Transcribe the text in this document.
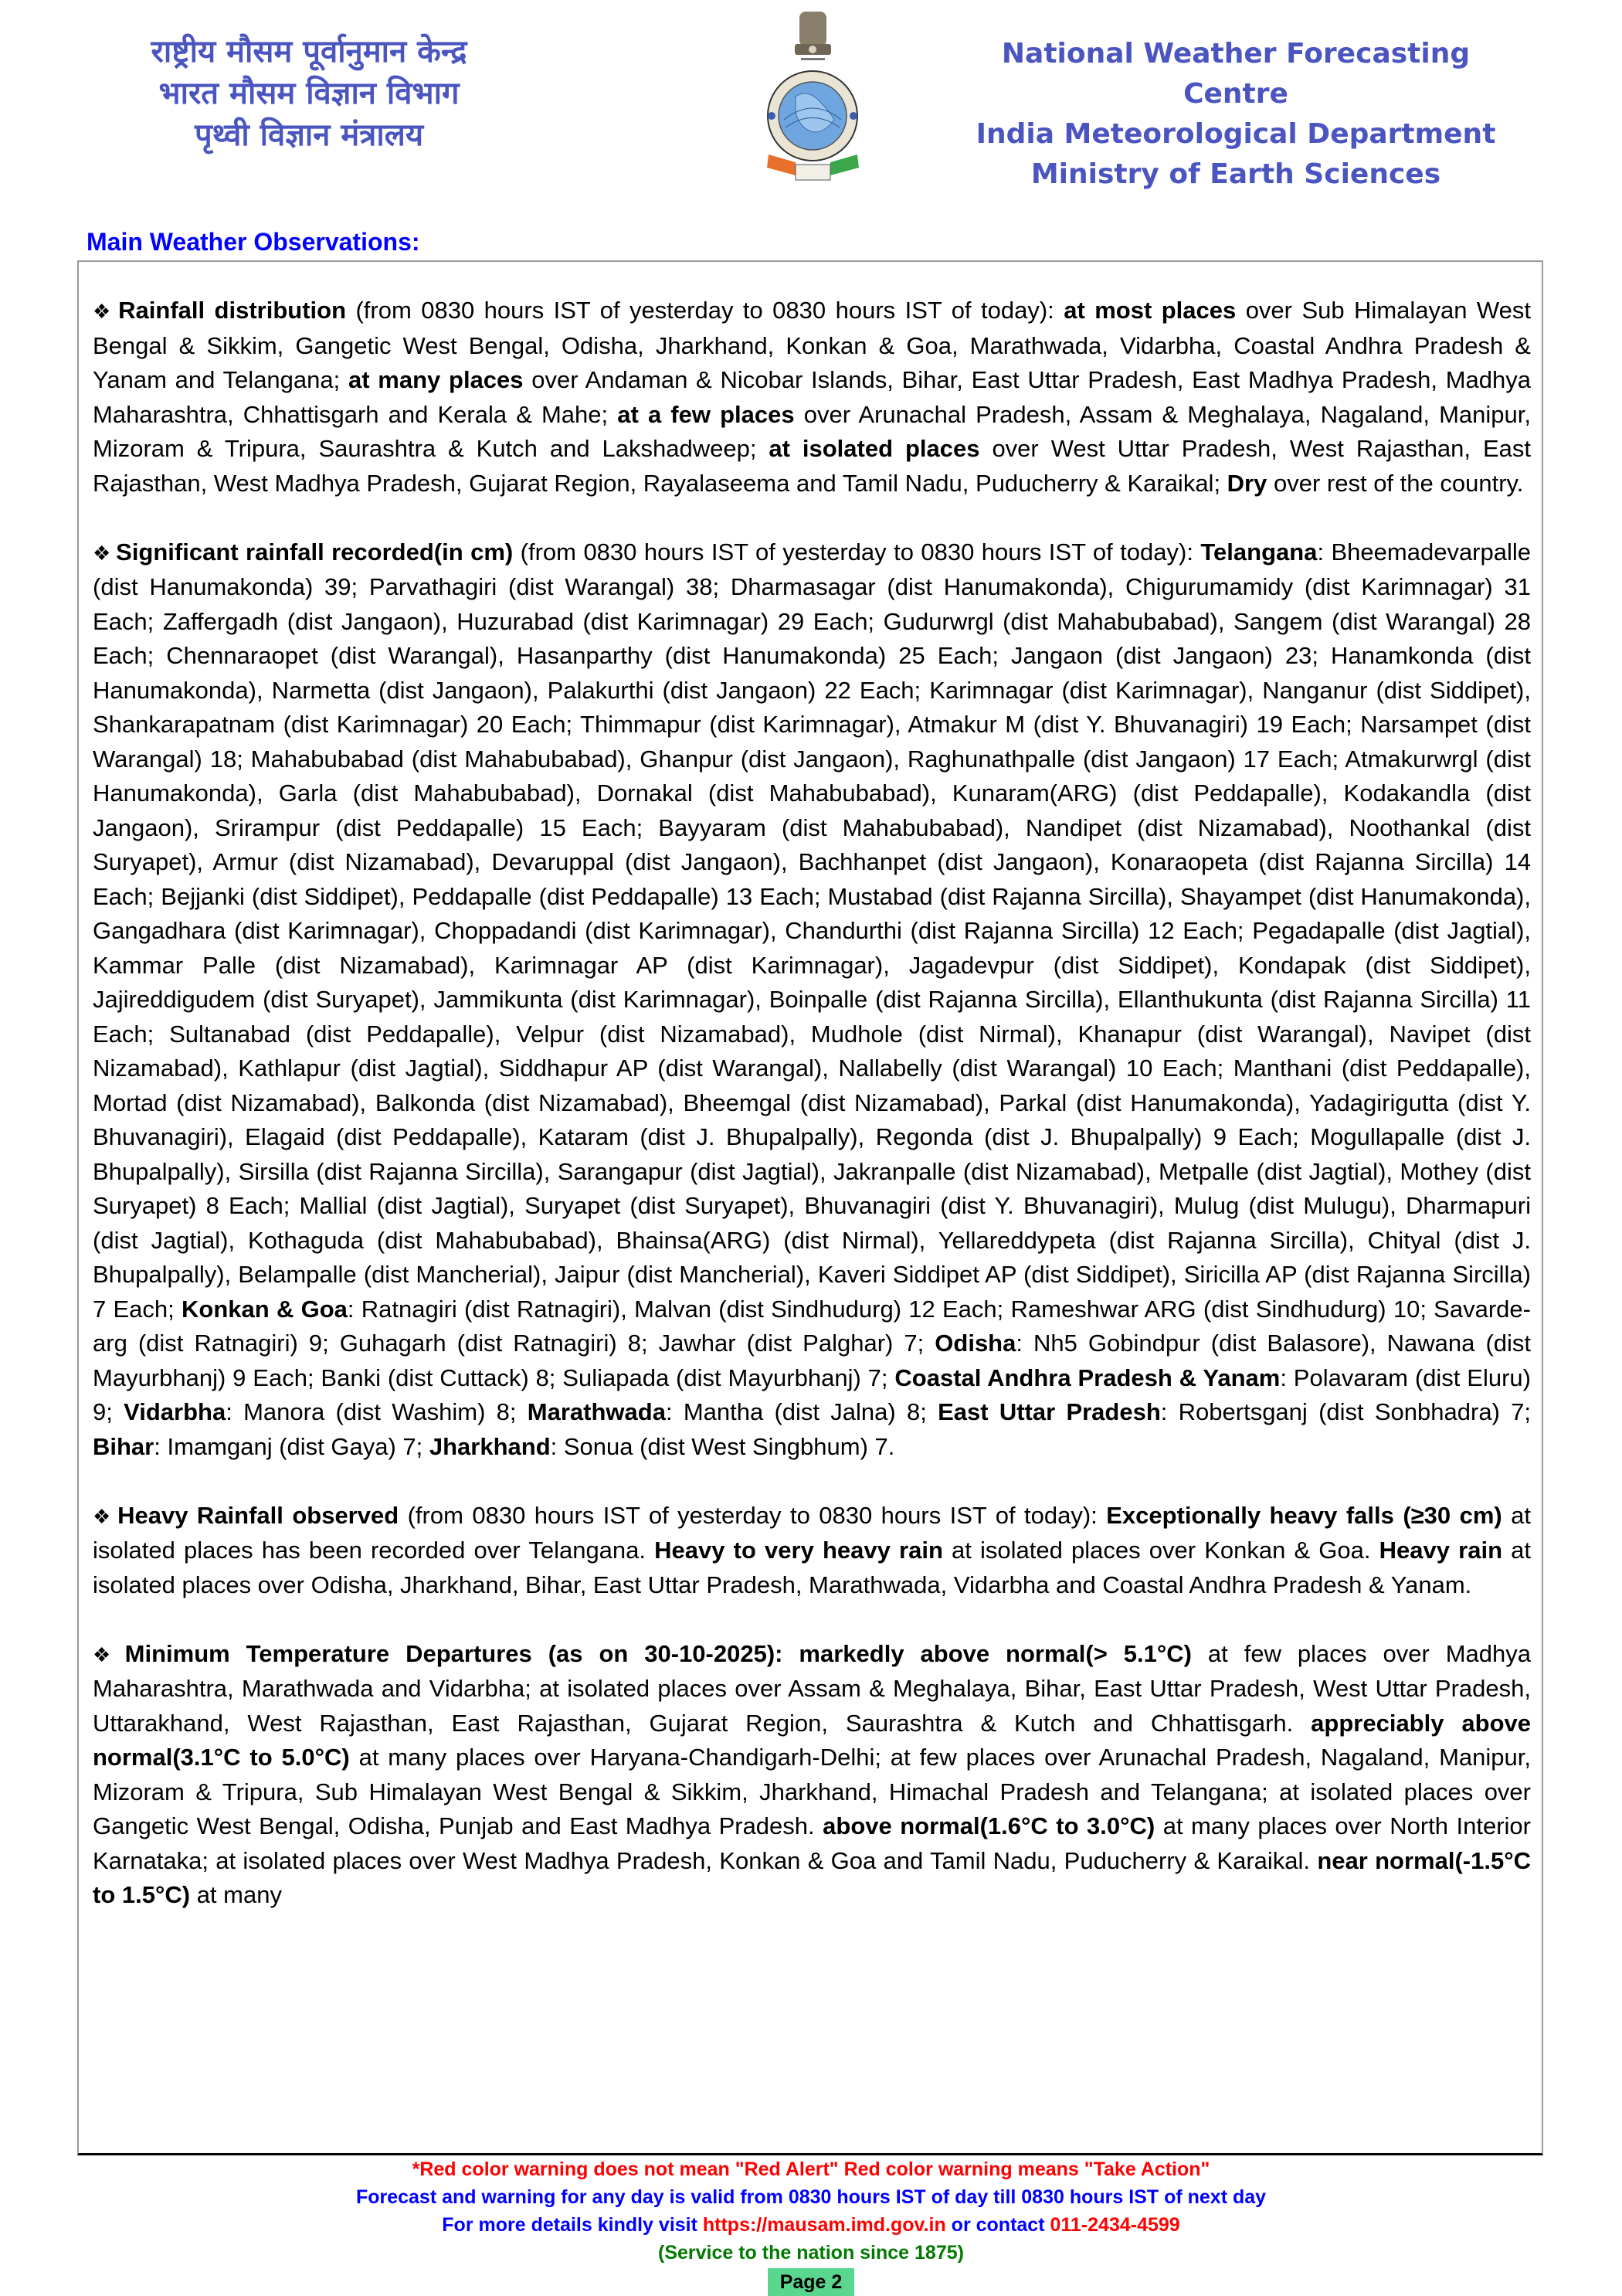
राष्ट्रीय मौसम पूर्वानुमान केन्द्र
भारत मौसम विज्ञान विभाग
पृथ्वी विज्ञान मंत्रालय
National Weather Forecasting Centre
India Meteorological Department
Ministry of Earth Sciences
Main Weather Observations:

❖ Rainfall distribution (from 0830 hours IST of yesterday to 0830 hours IST of today): at most places over Sub Himalayan West Bengal & Sikkim, Gangetic West Bengal, Odisha, Jharkhand, Konkan & Goa, Marathwada, Vidarbha, Coastal Andhra Pradesh & Yanam and Telangana; at many places over Andaman & Nicobar Islands, Bihar, East Uttar Pradesh, East Madhya Pradesh, Madhya Maharashtra, Chhattisgarh and Kerala & Mahe; at a few places over Arunachal Pradesh, Assam & Meghalaya, Nagaland, Manipur, Mizoram & Tripura, Saurashtra & Kutch and Lakshadweep; at isolated places over West Uttar Pradesh, West Rajasthan, East Rajasthan, West Madhya Pradesh, Gujarat Region, Rayalaseema and Tamil Nadu, Puducherry & Karaikal; Dry over rest of the country.

❖ Significant rainfall recorded(in cm) (from 0830 hours IST of yesterday to 0830 hours IST of today): Telangana: Bheemadevarpalle (dist Hanumakonda) 39; Parvathagiri (dist Warangal) 38; Dharmasagar (dist Hanumakonda), Chigurumamidy (dist Karimnagar) 31 Each; Zaffergadh (dist Jangaon), Huzurabad (dist Karimnagar) 29 Each; Gudurwrgl (dist Mahabubabad), Sangem (dist Warangal) 28 Each; Chennaraopet (dist Warangal), Hasanparthy (dist Hanumakonda) 25 Each; Jangaon (dist Jangaon) 23; Hanamkonda (dist Hanumakonda), Narmetta (dist Jangaon), Palakurthi (dist Jangaon) 22 Each; Karimnagar (dist Karimnagar), Nanganur (dist Siddipet), Shankarapatnam (dist Karimnagar) 20 Each; Thimmapur (dist Karimnagar), Atmakur M (dist Y. Bhuvanagiri) 19 Each; Narsampet (dist Warangal) 18; Mahabubabad (dist Mahabubabad), Ghanpur (dist Jangaon), Raghunathpalle (dist Jangaon) 17 Each; Atmakurwrgl (dist Hanumakonda), Garla (dist Mahabubabad), Dornakal (dist Mahabubabad), Kunaram(ARG) (dist Peddapalle), Kodakandla (dist Jangaon), Srirampur (dist Peddapalle) 15 Each; Bayyaram (dist Mahabubabad), Nandipet (dist Nizamabad), Noothankal (dist Suryapet), Armur (dist Nizamabad), Devaruppal (dist Jangaon), Bachhanpet (dist Jangaon), Konaraopeta (dist Rajanna Sircilla) 14 Each; Bejjanki (dist Siddipet), Peddapalle (dist Peddapalle) 13 Each; Mustabad (dist Rajanna Sircilla), Shayampet (dist Hanumakonda), Gangadhara (dist Karimnagar), Choppadandi (dist Karimnagar), Chandurthi (dist Rajanna Sircilla) 12 Each; Pegadapalle (dist Jagtial), Kammar Palle (dist Nizamabad), Karimnagar AP (dist Karimnagar), Jagadevpur (dist Siddipet), Kondapak (dist Siddipet), Jajireddigudem (dist Suryapet), Jammikunta (dist Karimnagar), Boinpalle (dist Rajanna Sircilla), Ellanthukunta (dist Rajanna Sircilla) 11 Each; Sultanabad (dist Peddapalle), Velpur (dist Nizamabad), Mudhole (dist Nirmal), Khanapur (dist Warangal), Navipet (dist Nizamabad), Kathlapur (dist Jagtial), Siddhapur AP (dist Warangal), Nallabelly (dist Warangal) 10 Each; Manthani (dist Peddapalle), Mortad (dist Nizamabad), Balkonda (dist Nizamabad), Bheemgal (dist Nizamabad), Parkal (dist Hanumakonda), Yadagirigutta (dist Y. Bhuvanagiri), Elagaid (dist Peddapalle), Kataram (dist J. Bhupalpally), Regonda (dist J. Bhupalpally) 9 Each; Mogullapalle (dist J. Bhupalpally), Sirsilla (dist Rajanna Sircilla), Sarangapur (dist Jagtial), Jakranpalle (dist Nizamabad), Metpalle (dist Jagtial), Mothey (dist Suryapet) 8 Each; Mallial (dist Jagtial), Suryapet (dist Suryapet), Bhuvanagiri (dist Y. Bhuvanagiri), Mulug (dist Mulugu), Dharmapuri (dist Jagtial), Kothaguda (dist Mahabubabad), Bhainsa(ARG) (dist Nirmal), Yellareddypeta (dist Rajanna Sircilla), Chityal (dist J. Bhupalpally), Belampalle (dist Mancherial), Jaipur (dist Mancherial), Kaveri Siddipet AP (dist Siddipet), Siricilla AP (dist Rajanna Sircilla) 7 Each; Konkan & Goa: Ratnagiri (dist Ratnagiri), Malvan (dist Sindhudurg) 12 Each; Rameshwar ARG (dist Sindhudurg) 10; Savarde-arg (dist Ratnagiri) 9; Guhagarh (dist Ratnagiri) 8; Jawhar (dist Palghar) 7; Odisha: Nh5 Gobindpur (dist Balasore), Nawana (dist Mayurbhanj) 9 Each; Banki (dist Cuttack) 8; Suliapada (dist Mayurbhanj) 7; Coastal Andhra Pradesh & Yanam: Polavaram (dist Eluru) 9; Vidarbha: Manora (dist Washim) 8; Marathwada: Mantha (dist Jalna) 8; East Uttar Pradesh: Robertsganj (dist Sonbhadra) 7; Bihar: Imamganj (dist Gaya) 7; Jharkhand: Sonua (dist West Singbhum) 7.

❖ Heavy Rainfall observed (from 0830 hours IST of yesterday to 0830 hours IST of today): Exceptionally heavy falls (≥30 cm) at isolated places has been recorded over Telangana. Heavy to very heavy rain at isolated places over Konkan & Goa. Heavy rain at isolated places over Odisha, Jharkhand, Bihar, East Uttar Pradesh, Marathwada, Vidarbha and Coastal Andhra Pradesh & Yanam.

❖ Minimum Temperature Departures (as on 30-10-2025): markedly above normal(> 5.1°C) at few places over Madhya Maharashtra, Marathwada and Vidarbha; at isolated places over Assam & Meghalaya, Bihar, East Uttar Pradesh, West Uttar Pradesh, Uttarakhand, West Rajasthan, East Rajasthan, Gujarat Region, Saurashtra & Kutch and Chhattisgarh. appreciably above normal(3.1°C to 5.0°C) at many places over Haryana-Chandigarh-Delhi; at few places over Arunachal Pradesh, Nagaland, Manipur, Mizoram & Tripura, Sub Himalayan West Bengal & Sikkim, Jharkhand, Himachal Pradesh and Telangana; at isolated places over Gangetic West Bengal, Odisha, Punjab and East Madhya Pradesh. above normal(1.6°C to 3.0°C) at many places over North Interior Karnataka; at isolated places over West Madhya Pradesh, Konkan & Goa and Tamil Nadu, Puducherry & Karaikal. near normal(-1.5°C to 1.5°C) at many

*Red color warning does not mean "Red Alert" Red color warning means "Take Action"
Forecast and warning for any day is valid from 0830 hours IST of day till 0830 hours IST of next day
For more details kindly visit https://mausam.imd.gov.in or contact 011-2434-4599
(Service to the nation since 1875)
Page 2
